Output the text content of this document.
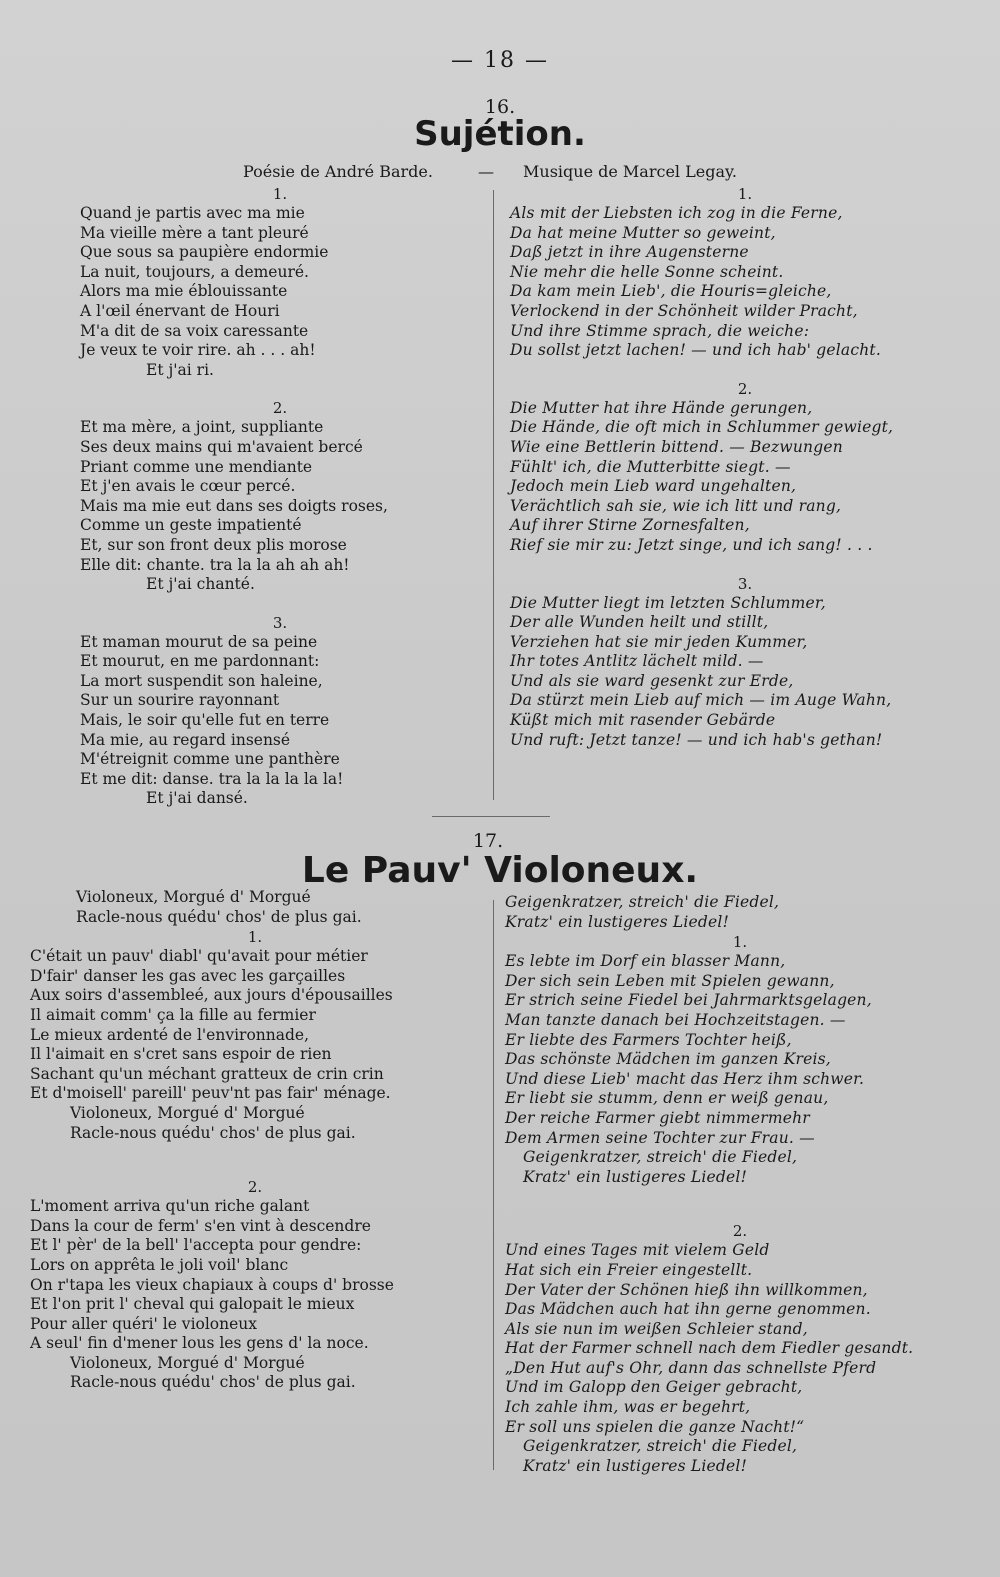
— 18 —
16.
Sujétion.
Poésie de André Barde.	— Musique de Marcel Legay.
1.
Quand je partis avec ma mie
Ma vieille mère a tant pleuré
Que sous sa paupière endormie
La nuit, toujours, a demeuré.
Alors ma mie éblouissante
A l'œil énervant de Houri
M'a dit de sa voix caressante
Je veux te voir rire. ah . . . ah!
Et j'ai ri.
2.
Et ma mère, a joint, suppliante
Ses deux mains qui m'avaient bercé
Priant comme une mendiante
Et j'en avais le cœur percé.
Mais ma mie eut dans ses doigts roses,
Comme un geste impatienté
Et, sur son front deux plis morose
Elle dit: chante. tra la la ah ah ah!
Et j'ai chanté.
3.
Et maman mourut de sa peine
Et mourut, en me pardonnant:
La mort suspendit son haleine,
Sur un sourire rayonnant
Mais, le soir qu'elle fut en terre
Ma mie, au regard insensé
M'étreignit comme une panthère
Et me dit: danse. tra la la la la la!
Et j'ai dansé.
1.
Als mit der Liebsten ich zog in die Ferne,
Da hat meine Mutter so geweint,
Daß jetzt in ihre Augensterne
Nie mehr die helle Sonne scheint.
Da kam mein Lieb', die Houris=gleiche,
Verlockend in der Schönheit wilder Pracht,
Und ihre Stimme sprach, die weiche:
Du sollst jetzt lachen! — und ich hab' gelacht.
2.
Die Mutter hat ihre Hände gerungen,
Die Hände, die oft mich in Schlummer gewiegt,
Wie eine Bettlerin bittend. — Bezwungen
Fühlt' ich, die Mutterbitte siegt. —
Jedoch mein Lieb ward ungehalten,
Verächtlich sah sie, wie ich litt und rang,
Auf ihrer Stirne Zornesfalten,
Rief sie mir zu: Jetzt singe, und ich sang! . . .
3.
Die Mutter liegt im letzten Schlummer,
Der alle Wunden heilt und stillt,
Verziehen hat sie mir jeden Kummer,
Ihr totes Antlitz lächelt mild. —
Und als sie ward gesenkt zur Erde,
Da stürzt mein Lieb auf mich — im Auge Wahn,
Küßt mich mit rasender Gebärde
Und ruft: Jetzt tanze! — und ich hab's gethan!
17.
Le Pauv' Violoneux.
Violoneux, Morgué d' Morgué
Racle-nous quédu' chos' de plus gai.
1.
C'était un pauv' diabl' qu'avait pour métier
D'fair' danser les gas avec les garçailles
Aux soirs d'assembleé, aux jours d'épousailles
Il aimait comm' ça la fille au fermier
Le mieux ardenté de l'environnade,
Il l'aimait en s'cret sans espoir de rien
Sachant qu'un méchant gratteux de crin crin
Et d'moisell' pareill' peuv'nt pas fair' ménage.
Violoneux, Morgué d' Morgué
Racle-nous quédu' chos' de plus gai.
2.
L'moment arriva qu'un riche galant
Dans la cour de ferm' s'en vint à descendre
Et l' pèr' de la bell' l'accepta pour gendre:
Lors on apprêta le joli voil' blanc
On r'tapa les vieux chapiaux à coups d' brosse
Et l'on prit l' cheval qui galopait le mieux
Pour aller quéri' le violoneux
A seul' fin d'mener lous les gens d' la noce.
Violoneux, Morgué d' Morgué
Racle-nous quédu' chos' de plus gai.
Geigenkratzer, streich' die Fiedel,
Kratz' ein lustigeres Liedel!
1.
Es lebte im Dorf ein blasser Mann,
Der sich sein Leben mit Spielen gewann,
Er strich seine Fiedel bei Jahrmarktsgelagen,
Man tanzte danach bei Hochzeitstagen. —
Er liebte des Farmers Tochter heiß,
Das schönste Mädchen im ganzen Kreis,
Und diese Lieb' macht das Herz ihm schwer.
Er liebt sie stumm, denn er weiß genau,
Der reiche Farmer giebt nimmermehr
Dem Armen seine Tochter zur Frau. —
Geigenkratzer, streich' die Fiedel,
Kratz' ein lustigeres Liedel!
2.
Und eines Tages mit vielem Geld
Hat sich ein Freier eingestellt.
Der Vater der Schönen hieß ihn willkommen,
Das Mädchen auch hat ihn gerne genommen.
Als sie nun im weißen Schleier stand,
Hat der Farmer schnell nach dem Fiedler gesandt.
„Den Hut auf's Ohr, dann das schnellste Pferd
Und im Galopp den Geiger gebracht,
Ich zahle ihm, was er begehrt,
Er soll uns spielen die ganze Nacht!“
Geigenkratzer, streich' die Fiedel,
Kratz' ein lustigeres Liedel!
